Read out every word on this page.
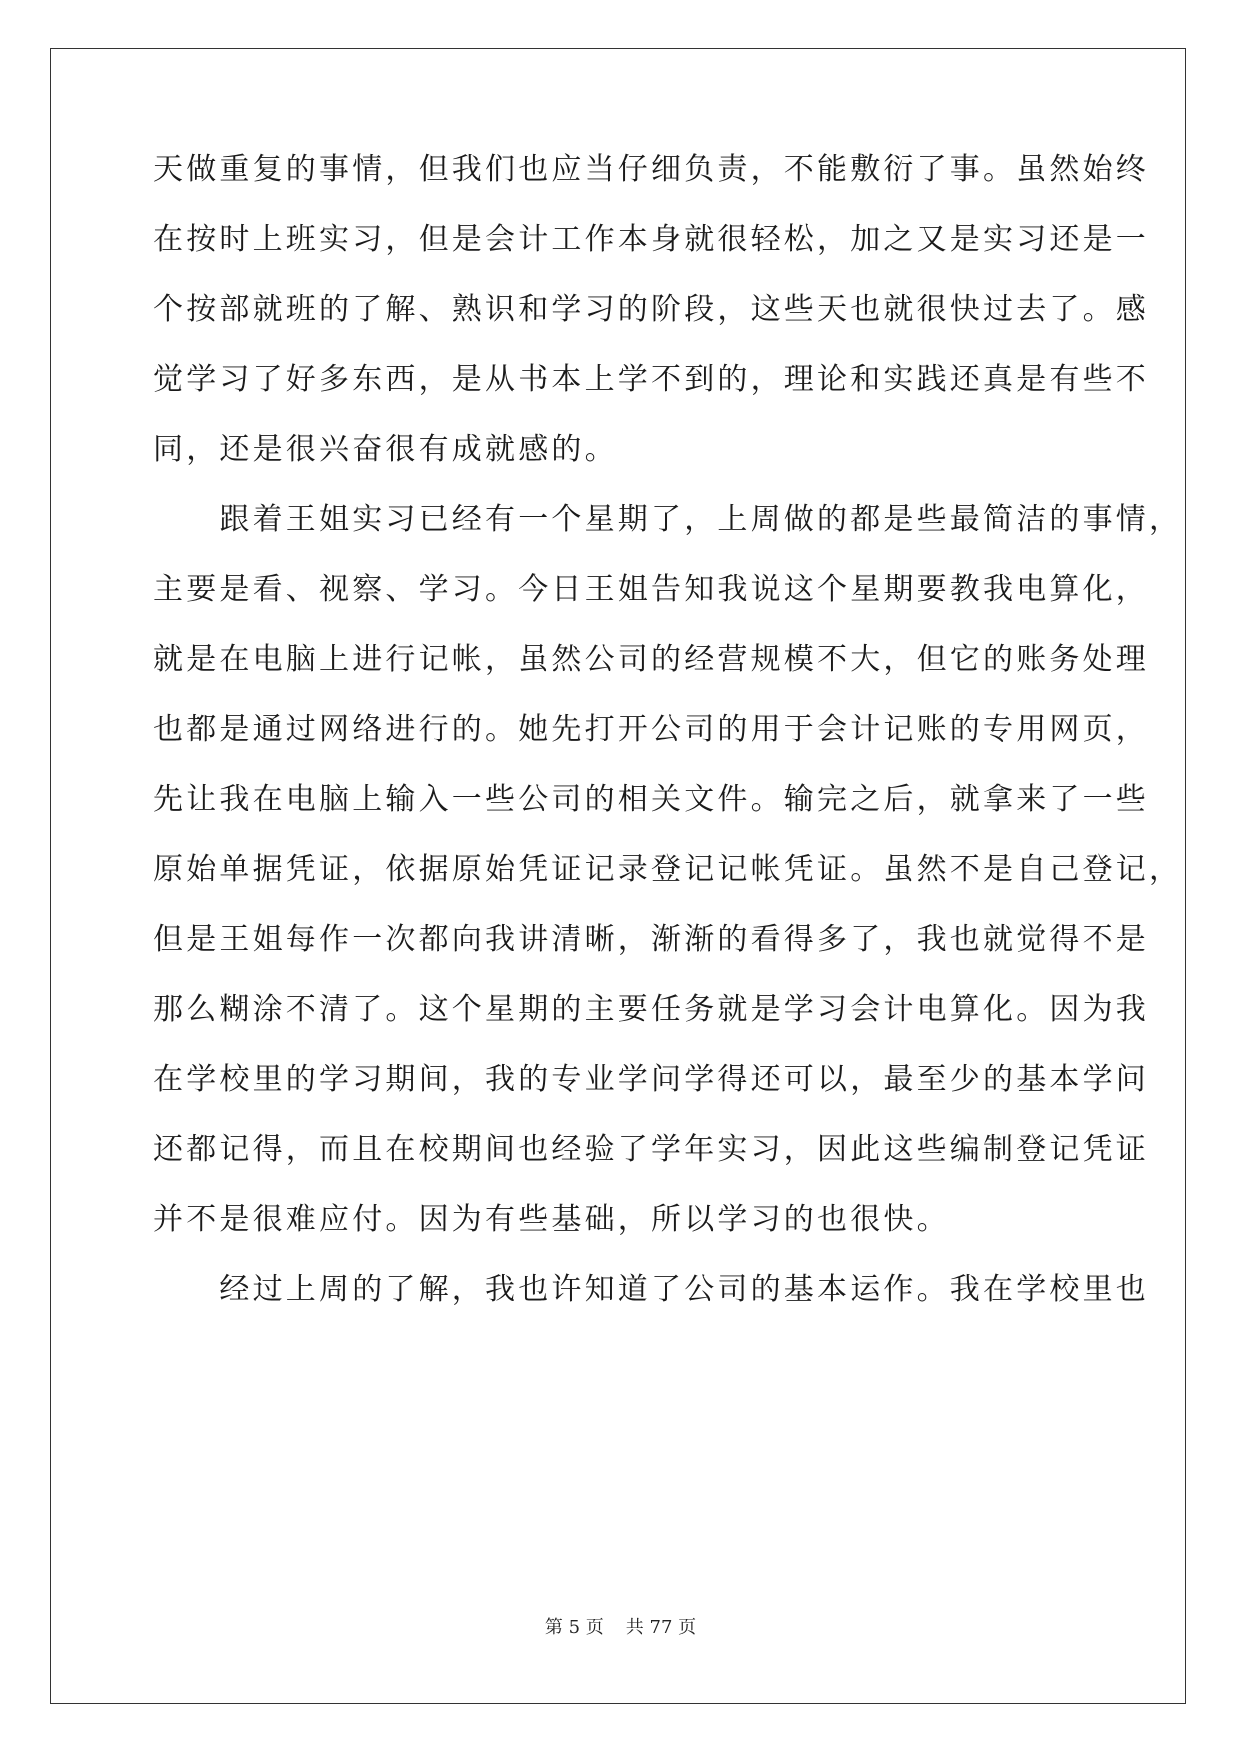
天做重复的事情，但我们也应当仔细负责，不能敷衍了事。虽然始终
在按时上班实习，但是会计工作本身就很轻松，加之又是实习还是一
个按部就班的了解、熟识和学习的阶段，这些天也就很快过去了。感
觉学习了好多东西，是从书本上学不到的，理论和实践还真是有些不
同，还是很兴奋很有成就感的。
　　跟着王姐实习已经有一个星期了，上周做的都是些最简洁的事情，
主要是看、视察、学习。今日王姐告知我说这个星期要教我电算化，
就是在电脑上进行记帐，虽然公司的经营规模不大，但它的账务处理
也都是通过网络进行的。她先打开公司的用于会计记账的专用网页，
先让我在电脑上输入一些公司的相关文件。输完之后，就拿来了一些
原始单据凭证，依据原始凭证记录登记记帐凭证。虽然不是自己登记，
但是王姐每作一次都向我讲清晰，渐渐的看得多了，我也就觉得不是
那么糊涂不清了。这个星期的主要任务就是学习会计电算化。因为我
在学校里的学习期间，我的专业学问学得还可以，最至少的基本学问
还都记得，而且在校期间也经验了学年实习，因此这些编制登记凭证
并不是很难应付。因为有些基础，所以学习的也很快。
　　经过上周的了解，我也许知道了公司的基本运作。我在学校里也
第 5 页 共 77 页
